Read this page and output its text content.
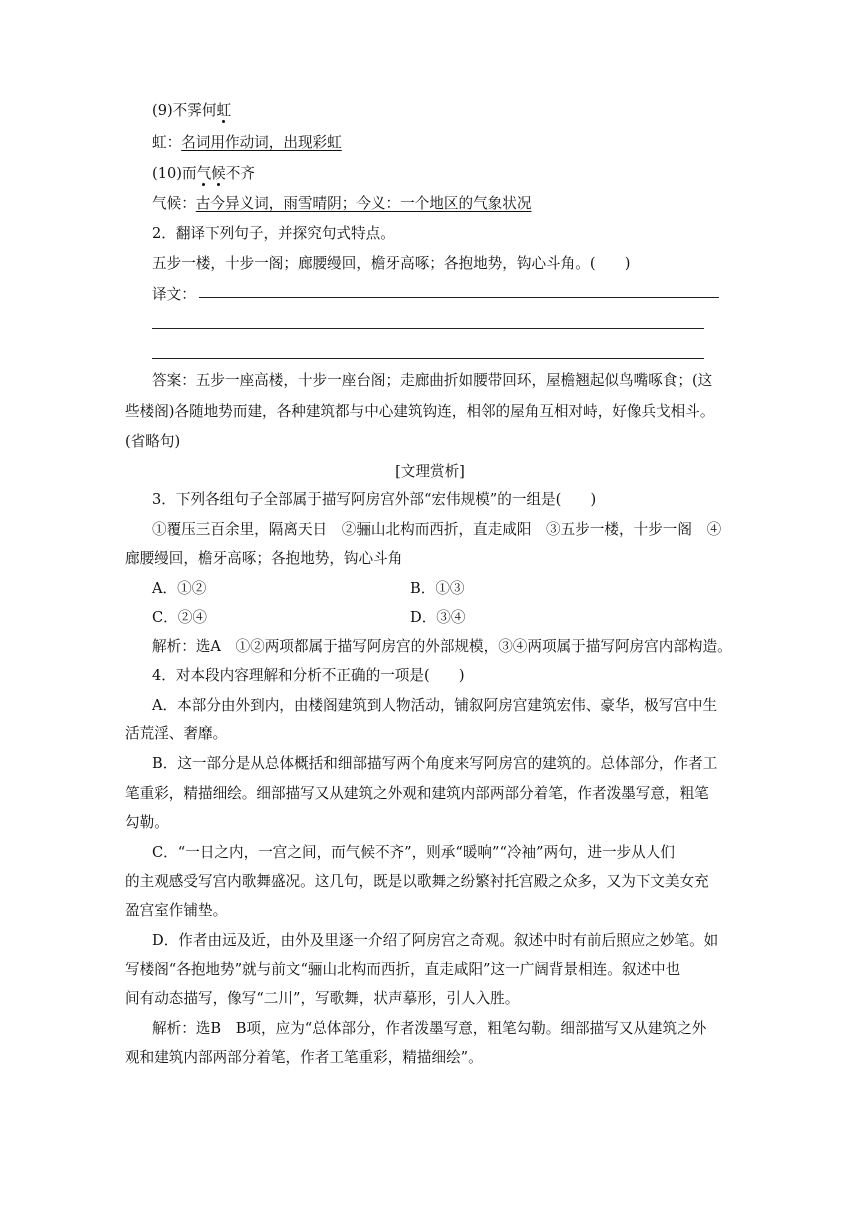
(9)不霁何虹
虹：名词用作动词，出现彩虹
(10)而气候不齐
气候：古今异义词，雨雪晴阴；今义：一个地区的气象状况
2．翻译下列句子，并探究句式特点。
五步一楼，十步一阁；廊腰缦回，檐牙高啄；各抱地势，钩心斗角。(　　)
译文：
答案：五步一座高楼，十步一座台阁；走廊曲折如腰带回环，屋檐翘起似鸟嘴啄食；(这
些楼阁)各随地势而建，各种建筑都与中心建筑钩连，相邻的屋角互相对峙，好像兵戈相斗。
(省略句)
[文理赏析]
3．下列各组句子全部属于描写阿房宫外部“宏伟规模”的一组是(　　)
①覆压三百余里，隔离天日　②骊山北构而西折，直走咸阳　③五步一楼，十步一阁　④
廊腰缦回，檐牙高啄；各抱地势，钩心斗角
A．①②	B．①③
C．②④	D．③④
解析：选A　①②两项都属于描写阿房宫的外部规模，③④两项属于描写阿房宫内部构造。
4．对本段内容理解和分析不正确的一项是(　　)
A．本部分由外到内，由楼阁建筑到人物活动，铺叙阿房宫建筑宏伟、豪华，极写宫中生
活荒淫、奢靡。
B．这一部分是从总体概括和细部描写两个角度来写阿房宫的建筑的。总体部分，作者工
笔重彩，精描细绘。细部描写又从建筑之外观和建筑内部两部分着笔，作者泼墨写意，粗笔
勾勒。
C．“一日之内，一宫之间，而气候不齐”，则承“暖响”“冷袖”两句，进一步从人们
的主观感受写宫内歌舞盛况。这几句，既是以歌舞之纷繁衬托宫殿之众多，又为下文美女充
盈宫室作铺垫。
D．作者由远及近，由外及里逐一介绍了阿房宫之奇观。叙述中时有前后照应之妙笔。如
写楼阁“各抱地势”就与前文“骊山北构而西折，直走咸阳”这一广阔背景相连。叙述中也
间有动态描写，像写“二川”，写歌舞，状声摹形，引人入胜。
解析：选B　B项，应为“总体部分，作者泼墨写意，粗笔勾勒。细部描写又从建筑之外
观和建筑内部两部分着笔，作者工笔重彩，精描细绘”。
